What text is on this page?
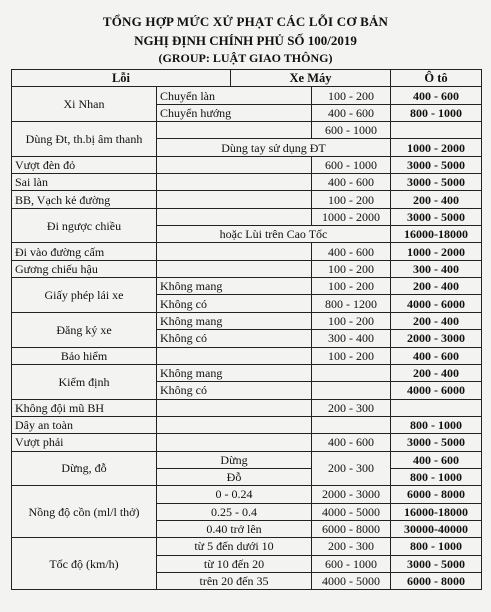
TỔNG HỢP MỨC XỬ PHẠT CÁC LỖI CƠ BẢN
NGHỊ ĐỊNH CHÍNH PHỦ SỐ 100/2019
(GROUP: LUẬT GIAO THÔNG)
Lỗi		Xe Máy		Ô tô
Xi Nhan	Chuyển làn		100 - 200	400 - 600
	Chuyển hướng		400 - 600	800 - 1000
Dùng Đt, th.bị âm thanh			600 - 1000	
	Dùng tay sử dụng ĐT			1000 - 2000
Vượt đèn đỏ			600 - 1000	3000 - 5000
Sai làn			400 - 600	3000 - 5000
BB, Vạch kẻ đường			100 - 200	200 - 400
Đi ngược chiều			1000 - 2000	3000 - 5000
	hoặc Lùi trên Cao Tốc			16000-18000
Đi vào đường cấm			400 - 600	1000 - 2000
Gương chiếu hậu			100 - 200	300 - 400
Giấy phép lái xe	Không mang		100 - 200	200 - 400
	Không có		800 - 1200	4000 - 6000
Đăng ký xe	Không mang		100 - 200	200 - 400
	Không có		300 - 400	2000 - 3000
Bảo hiểm			100 - 200	400 - 600
Kiểm định	Không mang			200 - 400
	Không có			4000 - 6000
Không đội mũ BH			200 - 300	
Dây an toàn				800 - 1000
Vượt phải			400 - 600	3000 - 5000
Dừng, đỗ	Dừng		200 - 300	400 - 600
	Đỗ			800 - 1000
Nồng độ cồn (ml/l thở)	0 - 0.24		2000 - 3000	6000 - 8000
	0.25 - 0.4		4000 - 5000	16000-18000
	0.40 trở lên		6000 - 8000	30000-40000
Tốc độ (km/h)	từ 5 đến dưới 10		200 - 300	800 - 1000
	từ 10 đến 20		600 - 1000	3000 - 5000
	trên 20 đến 35		4000 - 5000	6000 - 8000
